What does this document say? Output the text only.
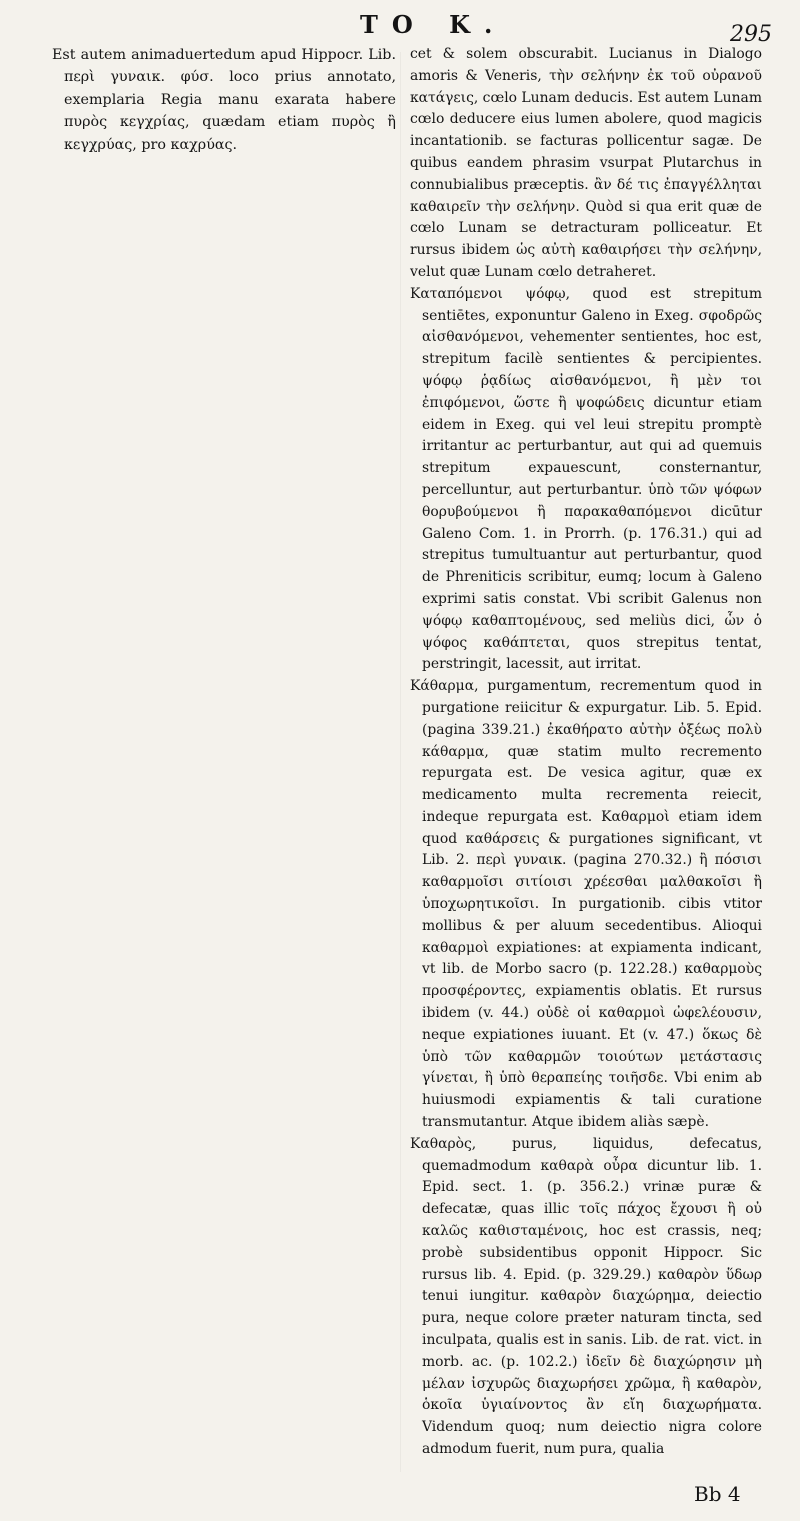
TO K.	295

Est autem animaduertedum apud Hippocr. Lib. περὶ γυναικ. φύσ. loco prius annotato, exemplaria Regia manu exarata habere πυρὸς κεγχρίας, quædam etiam πυρὸς ἢ κεγχρύας, pro καχρύας.

cet & solem obscurabit. Lucianus in Dialogo amoris & Veneris, τὴν σελήνην ἐκ τοῦ οὐρανοῦ κατάγεις, cœlo Lunam deducis. Est autem Lunam cœlo deducere eius lumen abolere, quod magicis incantationib. se facturas pollicentur sagæ. De quibus eandem phrasim vsurpat Plutarchus in connubialibus præceptis. ἂν δέ τις ἐπαγγέλληται καθαιρεῖν τὴν σελήνην. Quòd si qua erit quæ de cœlo Lunam se detracturam polliceatur. Et rursus ibidem ὡς αὐτὴ καθαιρήσει τὴν σελήνην, velut quæ Lunam cœlo detraheret.

Καταπόμενοι ψόφῳ, quod est strepitum sentiētes, exponuntur Galeno in Exeg. σφοδρῶς αἰσθανόμενοι, vehementer sentientes, hoc est, strepitum facilè sentientes & percipientes. ψόφῳ ῥᾳδίως αἰσθανόμενοι, ἢ μὲν τοι ἐπιφόμενοι, ὥστε ἢ ψοφώδεις dicuntur etiam eidem in Exeg. qui vel leui strepitu promptè irritantur ac perturbantur, aut qui ad quemuis strepitum expauescunt, consternantur, percelluntur, aut perturbantur. ὑπὸ τῶν ψόφων θορυβούμενοι ἢ παρακαθαπόμενοι dicūtur Galeno Com. 1. in Prorrh. (p. 176.31.) qui ad strepitus tumultuantur aut perturbantur, quod de Phreniticis scribitur, eumq; locum à Galeno exprimi satis constat. Vbi scribit Galenus non ψόφῳ καθαπτομένους, sed meliùs dici, ὧν ὁ ψόφος καθάπτεται, quos strepitus tentat, perstringit, lacessit, aut irritat.

Κάθαρμα, purgamentum, recrementum quod in purgatione reiicitur & expurgatur. Lib. 5. Epid. (pagina 339.21.) ἐκαθήρατο αὐτὴν ὀξέως πολὺ κάθαρμα, quæ statim multo recremento repurgata est. De vesica agitur, quæ ex medicamento multa recrementa reiecit, indeque repurgata est. Καθαρμοὶ etiam idem quod καθάρσεις & purgationes significant, vt Lib. 2. περὶ γυναικ. (pagina 270.32.) ἢ πόσισι καθαρμοῖσι σιτίοισι χρέεσθαι μαλθακοῖσι ἢ ὑποχωρητικοῖσι. In purgationib. cibis vtitor mollibus & per aluum secedentibus. Alioqui καθαρμοὶ expiationes: at expiamenta indicant, vt lib. de Morbo sacro (p. 122.28.) καθαρμοὺς προσφέροντες, expiamentis oblatis. Et rursus ibidem (v. 44.) οὐδὲ οἱ καθαρμοὶ ὠφελέουσιν, neque expiationes iuuant. Et (v. 47.) ὅκως δὲ ὑπὸ τῶν καθαρμῶν τοιούτων μετάστασις γίνεται, ἢ ὑπὸ θεραπείης τοιῆσδε. Vbi enim ab huiusmodi expiamentis & tali curatione transmutantur. Atque ibidem aliàs sæpè.

Καθαρὸς, purus, liquidus, defecatus, quemadmodum καθαρὰ οὖρα dicuntur lib. 1. Epid. sect. 1. (p. 356.2.) vrinæ puræ & defecatæ, quas illic τοῖς πάχος ἔχουσι ἢ οὐ καλῶς καθισταμένοις, hoc est crassis, neq; probè subsidentibus opponit Hippocr. Sic rursus lib. 4. Epid. (p. 329.29.) καθαρὸν ὕδωρ tenui iungitur. καθαρὸν διαχώρημα, deiectio pura, neque colore præter naturam tincta, sed inculpata, qualis est in sanis. Lib. de rat. vict. in morb. ac. (p. 102.2.) ἰδεῖν δὲ διαχώρησιν μὴ μέλαν ἰσχυρῶς διαχωρήσει χρῶμα, ἢ καθαρὸν, ὁκοῖα ὑγιαίνοντος ἂν εἴη διαχωρήματα. Videndum quoq; num deiectio nigra colore admodum fuerit, num pura, qualia

Bb 4
